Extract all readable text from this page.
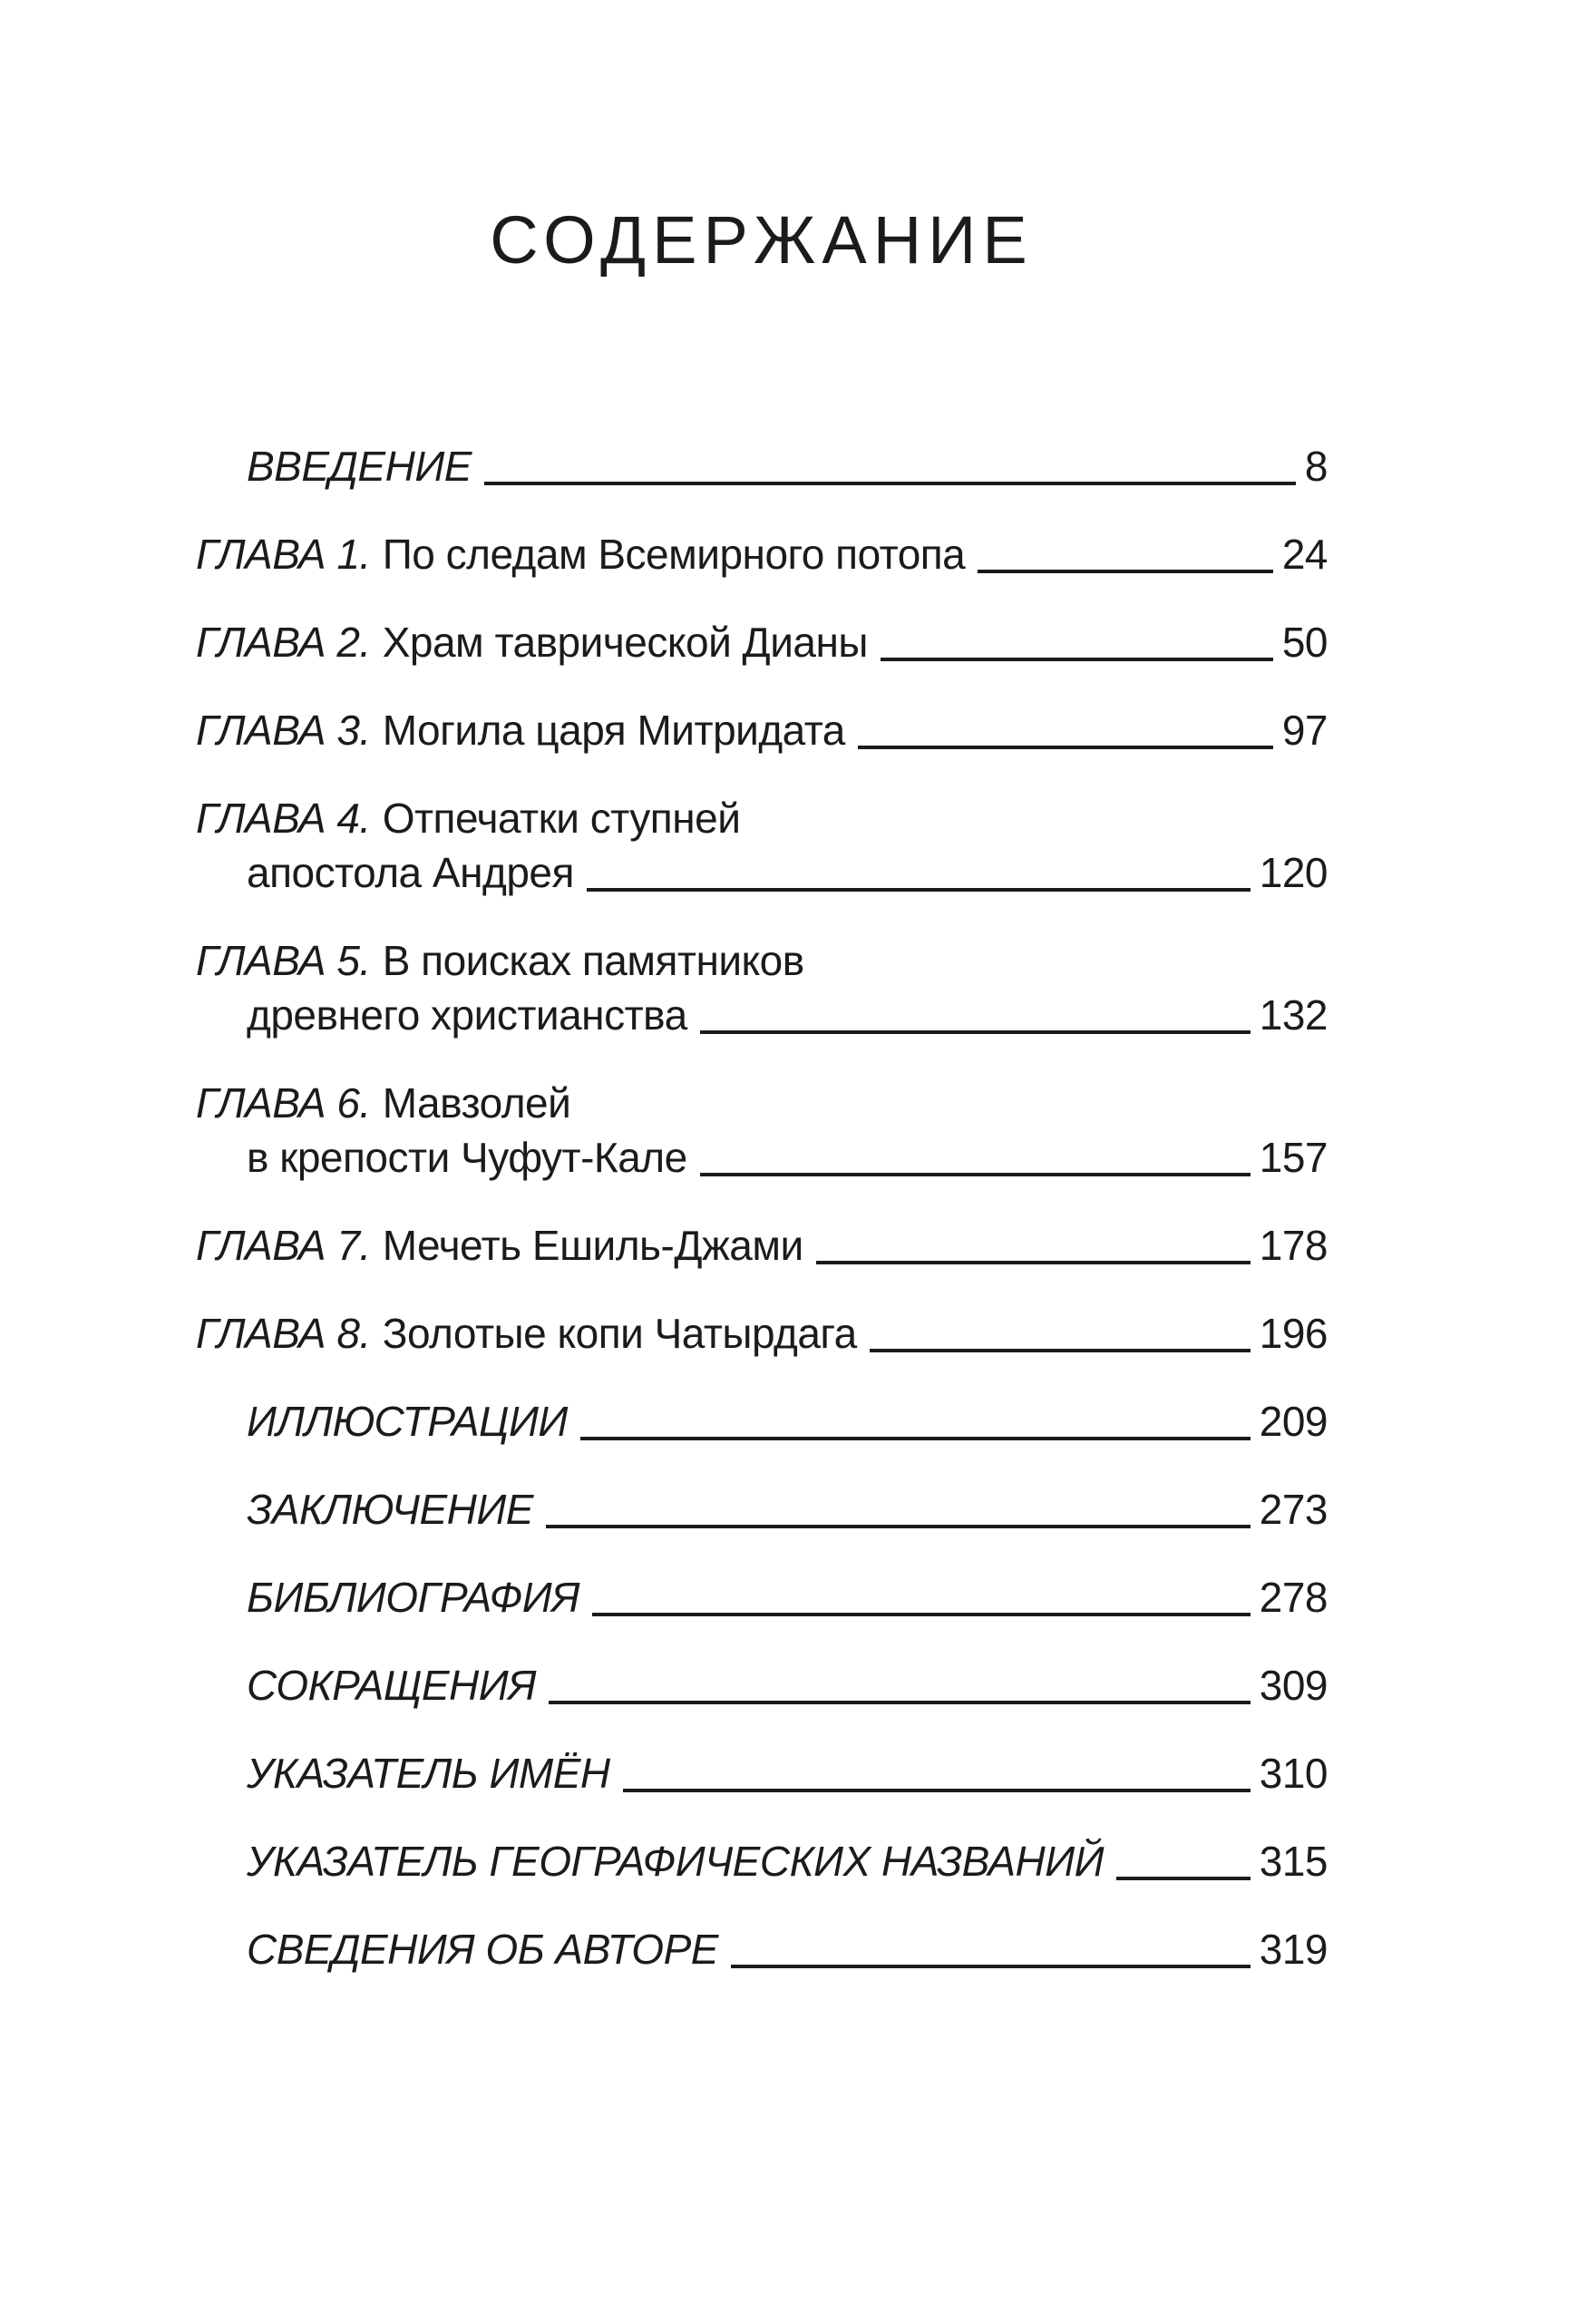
СОДЕРЖАНИЕ
ВВЕДЕНИЕ	8
ГЛАВА 1. По следам Всемирного потопа	24
ГЛАВА 2. Храм таврической Дианы	50
ГЛАВА 3. Могила царя Митридата	97
ГЛАВА 4. Отпечатки ступней
апостола Андрея	120
ГЛАВА 5. В поисках памятников
древнего христианства	132
ГЛАВА 6. Мавзолей
в крепости Чуфут-Кале	157
ГЛАВА 7. Мечеть Ешиль-Джами	178
ГЛАВА 8. Золотые копи Чатырдага	196
ИЛЛЮСТРАЦИИ	209
ЗАКЛЮЧЕНИЕ	273
БИБЛИОГРАФИЯ	278
СОКРАЩЕНИЯ	309
УКАЗАТЕЛЬ ИМЁН	310
УКАЗАТЕЛЬ ГЕОГРАФИЧЕСКИХ НАЗВАНИЙ	315
СВЕДЕНИЯ ОБ АВТОРЕ	319
